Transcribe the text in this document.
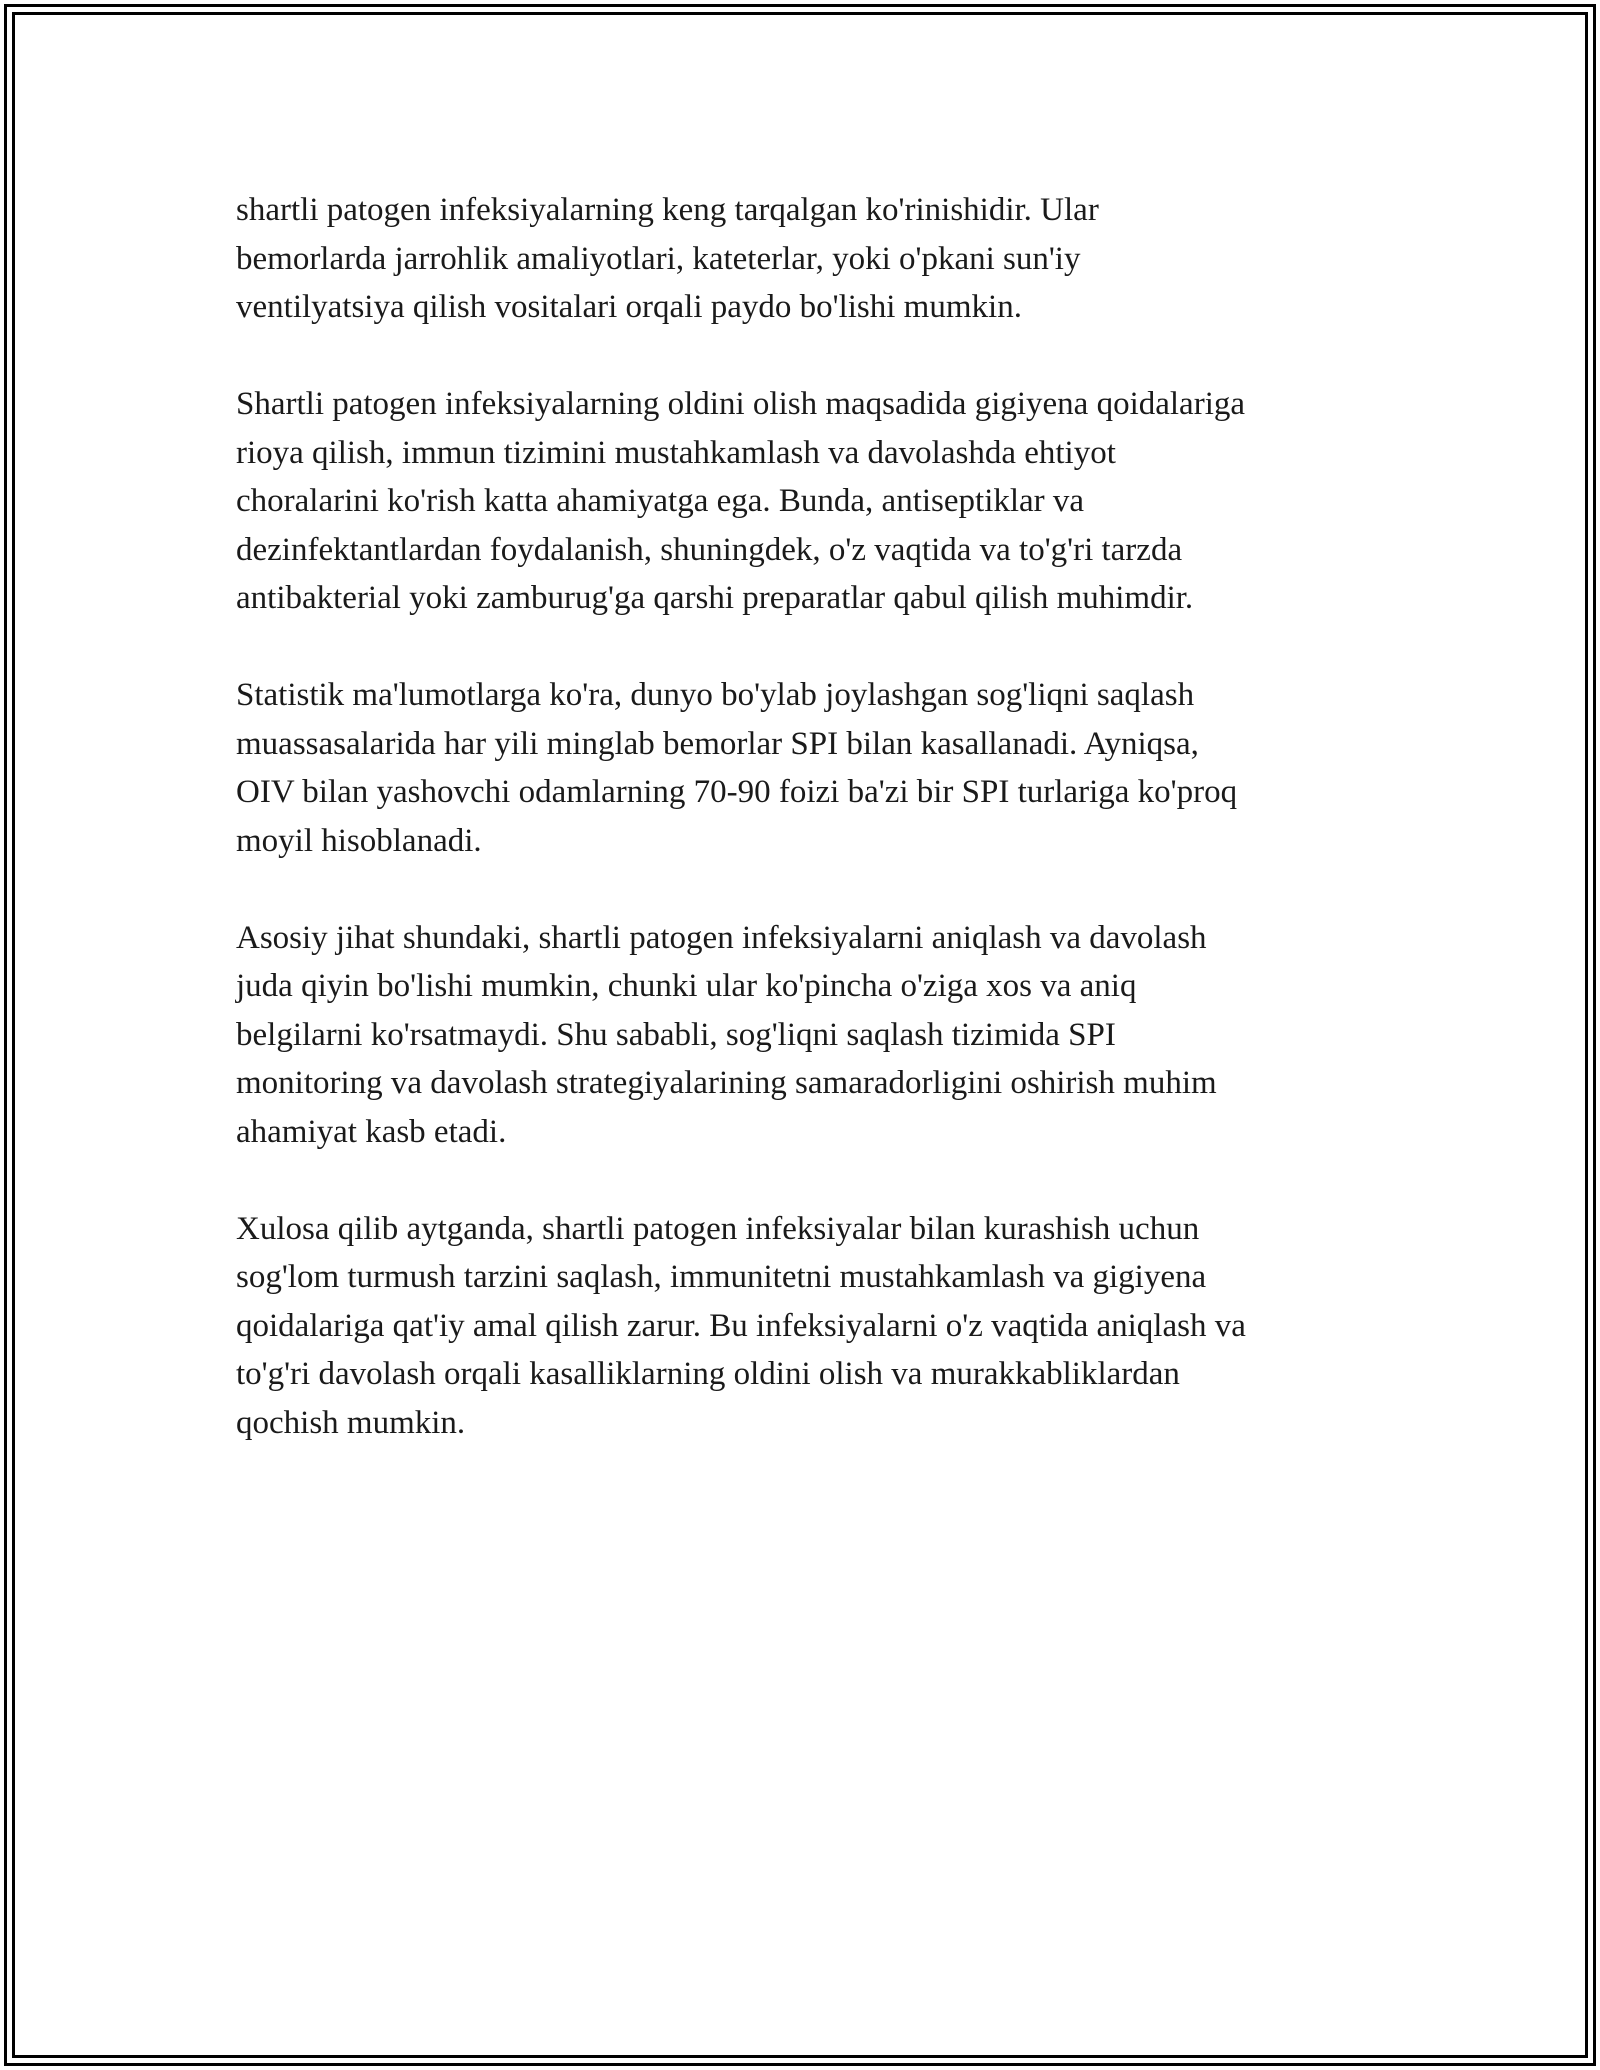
shartli patogen infeksiyalarning keng tarqalgan ko'rinishidir. Ular
bemorlarda jarrohlik amaliyotlari, kateterlar, yoki o'pkani sun'iy
ventilyatsiya qilish vositalari orqali paydo bo'lishi mumkin.

Shartli patogen infeksiyalarning oldini olish maqsadida gigiyena qoidalariga
rioya qilish, immun tizimini mustahkamlash va davolashda ehtiyot
choralarini ko'rish katta ahamiyatga ega. Bunda, antiseptiklar va
dezinfektantlardan foydalanish, shuningdek, o'z vaqtida va to'g'ri tarzda
antibakterial yoki zamburug'ga qarshi preparatlar qabul qilish muhimdir.

Statistik ma'lumotlarga ko'ra, dunyo bo'ylab joylashgan sog'liqni saqlash
muassasalarida har yili minglab bemorlar SPI bilan kasallanadi. Ayniqsa,
OIV bilan yashovchi odamlarning 70-90 foizi ba'zi bir SPI turlariga ko'proq
moyil hisoblanadi.

Asosiy jihat shundaki, shartli patogen infeksiyalarni aniqlash va davolash
juda qiyin bo'lishi mumkin, chunki ular ko'pincha o'ziga xos va aniq
belgilarni ko'rsatmaydi. Shu sababli, sog'liqni saqlash tizimida SPI
monitoring va davolash strategiyalarining samaradorligini oshirish muhim
ahamiyat kasb etadi.

Xulosa qilib aytganda, shartli patogen infeksiyalar bilan kurashish uchun
sog'lom turmush tarzini saqlash, immunitetni mustahkamlash va gigiyena
qoidalariga qat'iy amal qilish zarur. Bu infeksiyalarni o'z vaqtida aniqlash va
to'g'ri davolash orqali kasalliklarning oldini olish va murakkabliklardan
qochish mumkin.
